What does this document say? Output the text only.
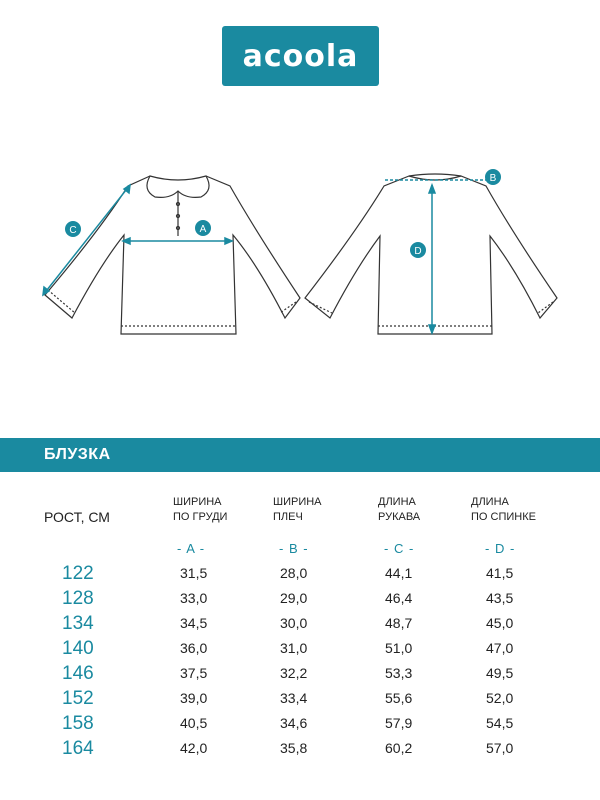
acoola
A
B
C
D
БЛУЗКА
РОСТ, СМ
ШИРИНА
ПО ГРУДИ
ШИРИНА
ПЛЕЧ
ДЛИНА
РУКАВА
ДЛИНА
ПО СПИНКЕ
- A -	- B -	- C -	- D -
122	31,5	28,0	44,1	41,5
128	33,0	29,0	46,4	43,5
134	34,5	30,0	48,7	45,0
140	36,0	31,0	51,0	47,0
146	37,5	32,2	53,3	49,5
152	39,0	33,4	55,6	52,0
158	40,5	34,6	57,9	54,5
164	42,0	35,8	60,2	57,0
